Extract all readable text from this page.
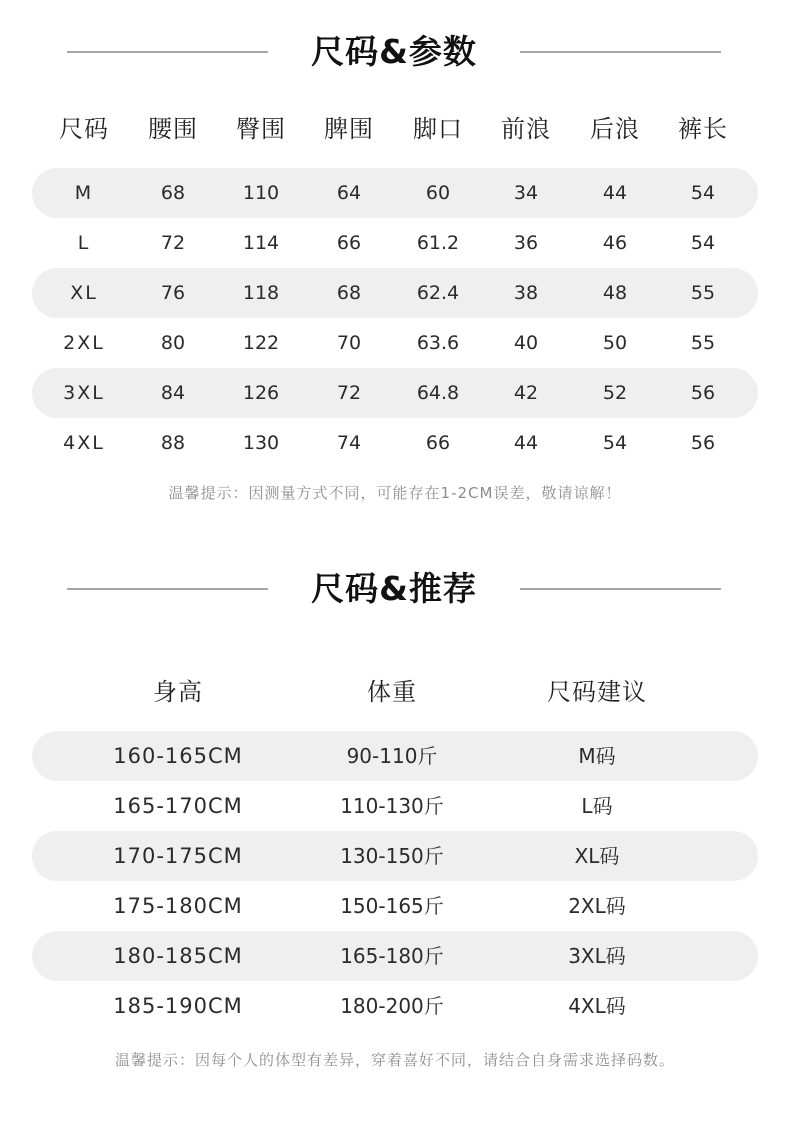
尺码&参数
尺码	腰围	臀围	脾围	脚口	前浪	后浪	裤长
M	68	110	64	60	34	44	54
L	72	114	66	61.2	36	46	54
XL	76	118	68	62.4	38	48	55
2XL	80	122	70	63.6	40	50	55
3XL	84	126	72	64.8	42	52	56
4XL	88	130	74	66	44	54	56
温馨提示：因测量方式不同，可能存在1-2CM误差，敬请谅解！
尺码&推荐
身高	体重	尺码建议
160-165CM	90-110斤	M码
165-170CM	110-130斤	L码
170-175CM	130-150斤	XL码
175-180CM	150-165斤	2XL码
180-185CM	165-180斤	3XL码
185-190CM	180-200斤	4XL码
温馨提示：因每个人的体型有差异，穿着喜好不同，请结合自身需求选择码数。
